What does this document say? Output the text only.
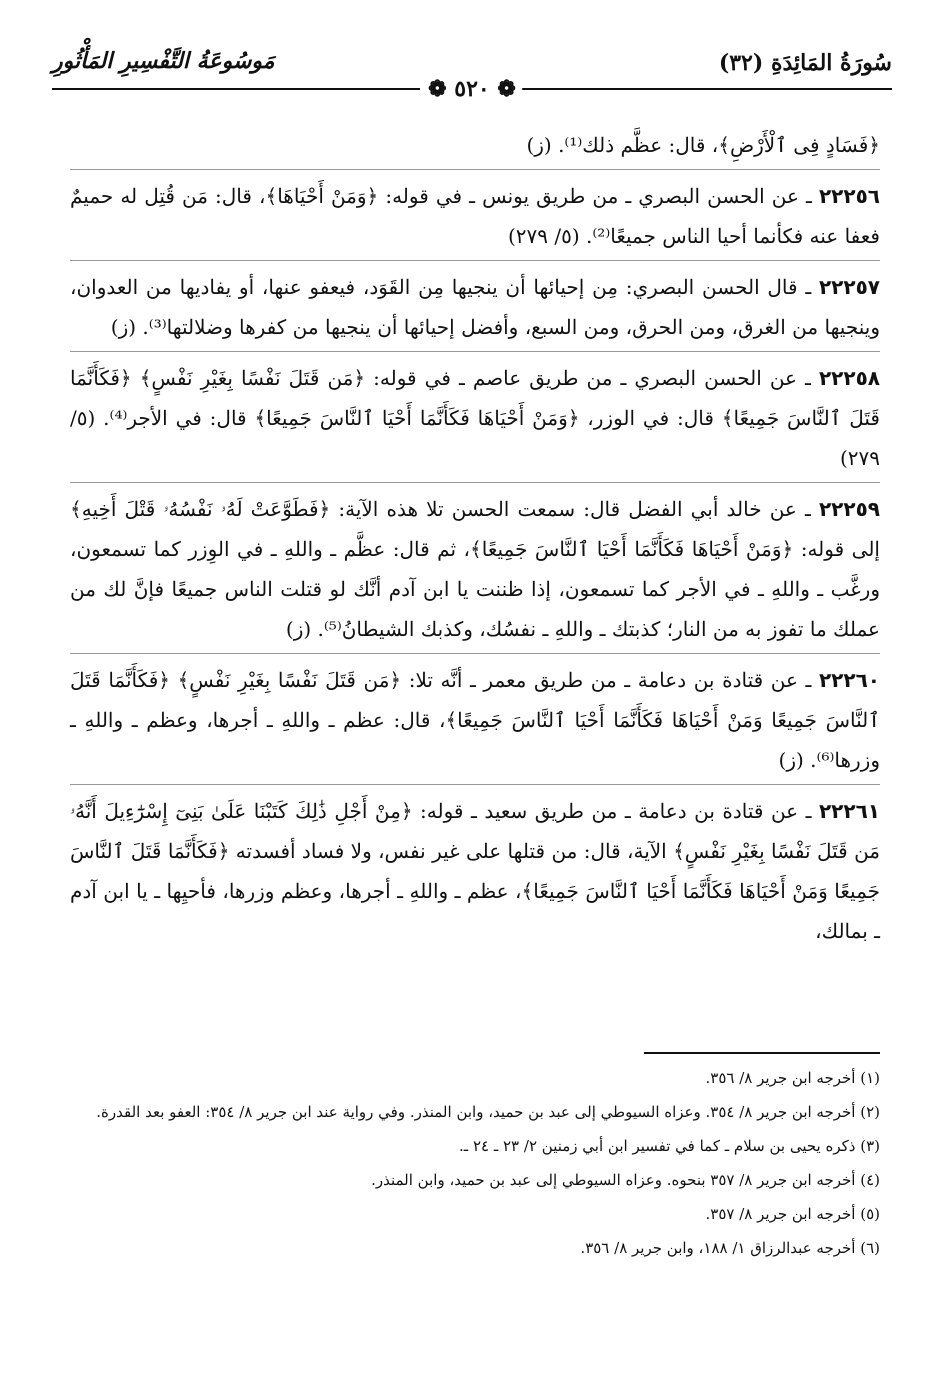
سُورَةُ المَائِدَةِ (٣٢)
مَوسُوعَةُ التَّفْسِيرِ المَأْثُورِ
❁ ٥٢٠ ❁

﴿فَسَادٍ فِى ٱلْأَرْضِ﴾، قال: عظَّم ذلك⁽¹⁾. (ز)

٢٢٢٥٦ ـ عن الحسن البصري ـ من طريق يونس ـ في قوله: ﴿وَمَنْ أَحْيَاهَا﴾، قال: مَن قُتِل له حميمٌ فعفا عنه فكأنما أحيا الناس جميعًا⁽²⁾. (٥/ ٢٧٩)

٢٢٢٥٧ ـ قال الحسن البصري: مِن إحيائها أن ينجيها مِن القَوَد، فيعفو عنها، أو يفاديها من العدوان، وينجيها من الغرق، ومن الحرق، ومن السبع، وأفضل إحيائها أن ينجيها من كفرها وضلالتها⁽³⁾. (ز)

٢٢٢٥٨ ـ عن الحسن البصري ـ من طريق عاصم ـ في قوله: ﴿مَن قَتَلَ نَفْسًا بِغَيْرِ نَفْسٍ﴾ ﴿فَكَأَنَّمَا قَتَلَ ٱلنَّاسَ جَمِيعًا﴾ قال: في الوزر، ﴿وَمَنْ أَحْيَاهَا فَكَأَنَّمَا أَحْيَا ٱلنَّاسَ جَمِيعًا﴾ قال: في الأجر⁽⁴⁾. (٥/ ٢٧٩)

٢٢٢٥٩ ـ عن خالد أبي الفضل قال: سمعت الحسن تلا هذه الآية: ﴿فَطَوَّعَتْ لَهُۥ نَفْسُهُۥ قَتْلَ أَخِيهِ﴾ إلى قوله: ﴿وَمَنْ أَحْيَاهَا فَكَأَنَّمَا أَحْيَا ٱلنَّاسَ جَمِيعًا﴾، ثم قال: عظَّم ـ واللهِ ـ في الوِزر كما تسمعون، ورغَّب ـ واللهِ ـ في الأجر كما تسمعون، إذا ظننت يا ابن آدم أنَّك لو قتلت الناس جميعًا فإنَّ لك من عملك ما تفوز به من النار؛ كذبتك ـ واللهِ ـ نفسُك، وكذبك الشيطانُ⁽⁵⁾. (ز)

٢٢٢٦٠ ـ عن قتادة بن دعامة ـ من طريق معمر ـ أنَّه تلا: ﴿مَن قَتَلَ نَفْسًا بِغَيْرِ نَفْسٍ﴾ ﴿فَكَأَنَّمَا قَتَلَ ٱلنَّاسَ جَمِيعًا وَمَنْ أَحْيَاهَا فَكَأَنَّمَا أَحْيَا ٱلنَّاسَ جَمِيعًا﴾، قال: عظم ـ واللهِ ـ أجرها، وعظم ـ واللهِ ـ وزرها⁽⁶⁾. (ز)

٢٢٢٦١ ـ عن قتادة بن دعامة ـ من طريق سعيد ـ قوله: ﴿مِنْ أَجْلِ ذَٰلِكَ كَتَبْنَا عَلَىٰ بَنِىٓ إِسْرَٰٓءِيلَ أَنَّهُۥ مَن قَتَلَ نَفْسًا بِغَيْرِ نَفْسٍ﴾ الآية، قال: من قتلها على غير نفس، ولا فساد أفسدته ﴿فَكَأَنَّمَا قَتَلَ ٱلنَّاسَ جَمِيعًا وَمَنْ أَحْيَاهَا فَكَأَنَّمَا أَحْيَا ٱلنَّاسَ جَمِيعًا﴾، عظم ـ واللهِ ـ أجرها، وعظم وزرها، فأحيِها ـ يا ابن آدم ـ بمالك،

(١) أخرجه ابن جرير ٨/ ٣٥٦.

(٢) أخرجه ابن جرير ٨/ ٣٥٤. وعزاه السيوطي إلى عبد بن حميد، وابن المنذر. وفي رواية عند ابن جرير ٨/ ٣٥٤: العفو بعد القدرة.

(٣) ذكره يحيى بن سلام ـ كما في تفسير ابن أبي زمنين ٢/ ٢٣ ـ ٢٤ ـ.

(٤) أخرجه ابن جرير ٨/ ٣٥٧ بنحوه. وعزاه السيوطي إلى عبد بن حميد، وابن المنذر.

(٥) أخرجه ابن جرير ٨/ ٣٥٧.

(٦) أخرجه عبدالرزاق ١/ ١٨٨، وابن جرير ٨/ ٣٥٦.
